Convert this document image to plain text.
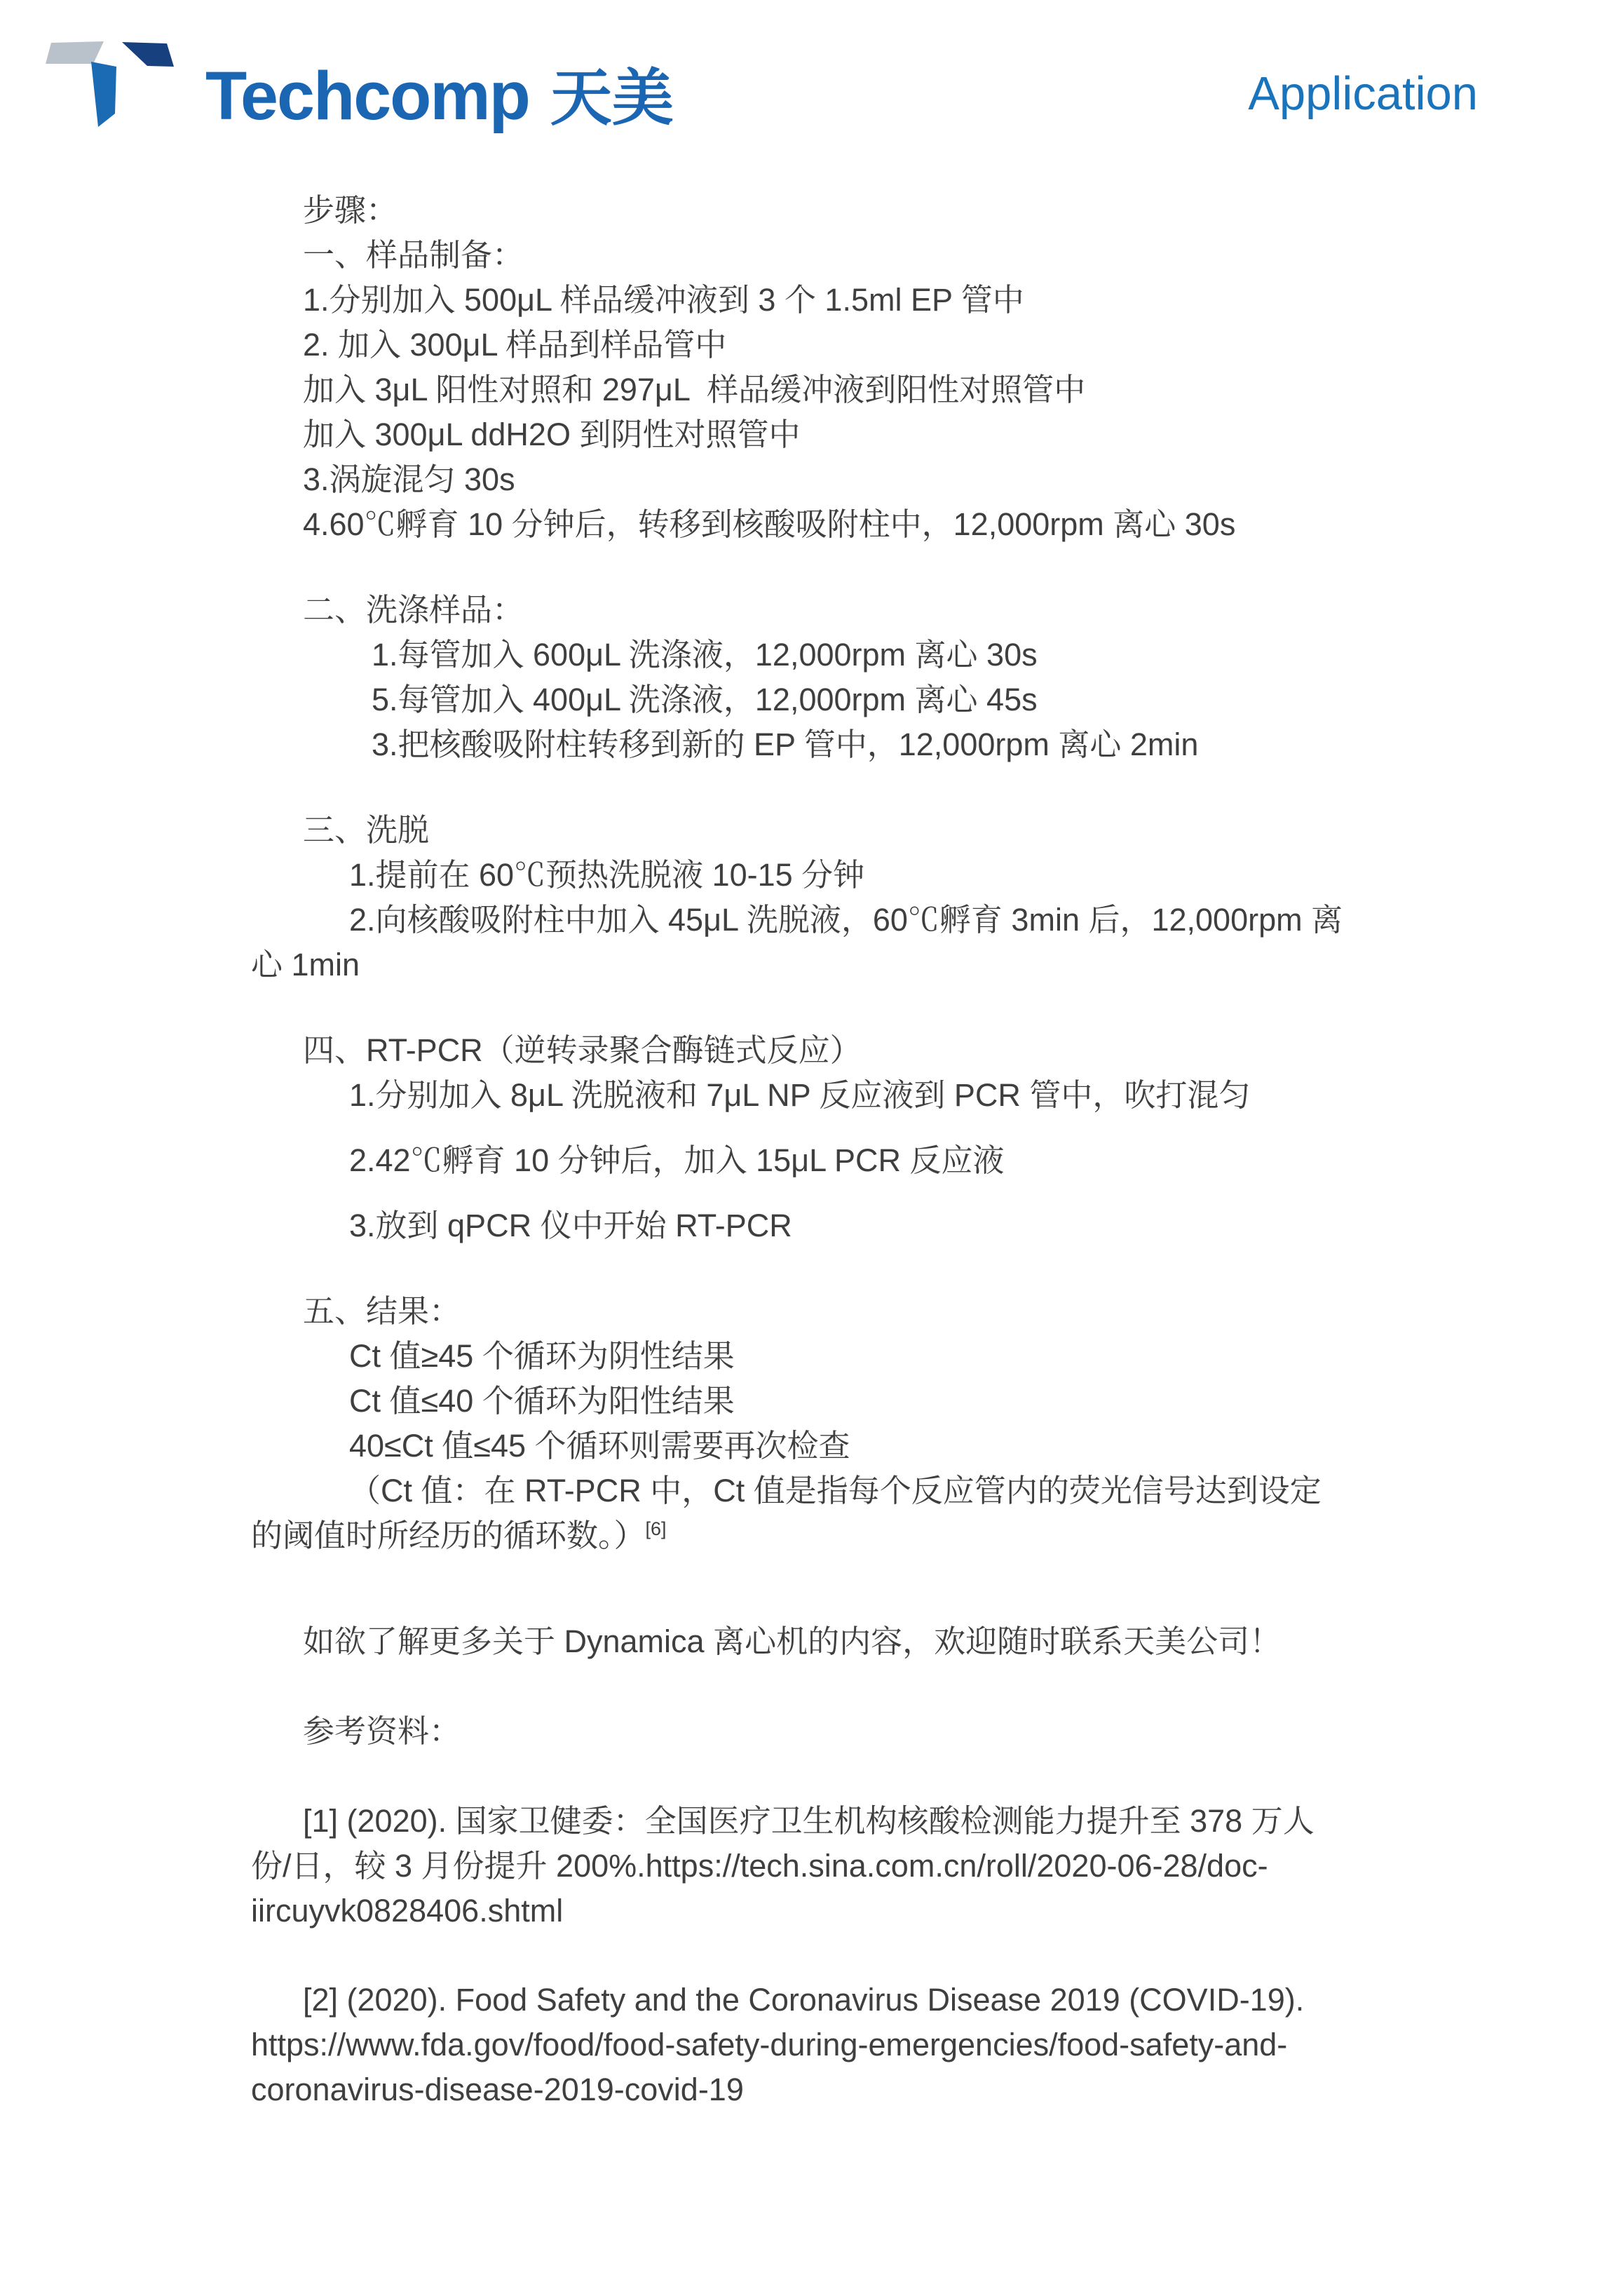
Techcomp 天美	Application

步骤：

一、样品制备：

1.分别加入 500μL 样品缓冲液到 3 个 1.5ml EP 管中

2. 加入 300μL 样品到样品管中

加入 3μL 阳性对照和 297μL  样品缓冲液到阳性对照管中

加入 300μL ddH2O 到阴性对照管中

3.涡旋混匀 30s

4.60℃孵育 10 分钟后，转移到核酸吸附柱中，12,000rpm 离心 30s

二、洗涤样品：

1.每管加入 600μL 洗涤液，12,000rpm 离心 30s

5.每管加入 400μL 洗涤液，12,000rpm 离心 45s

3.把核酸吸附柱转移到新的 EP 管中，12,000rpm 离心 2min

三、洗脱

1.提前在 60℃预热洗脱液 10-15 分钟

2.向核酸吸附柱中加入 45μL 洗脱液，60℃孵育 3min 后，12,000rpm 离

心 1min

四、RT-PCR（逆转录聚合酶链式反应）

1.分别加入 8μL 洗脱液和 7μL NP 反应液到 PCR 管中，吹打混匀

2.42℃孵育 10 分钟后，加入 15μL PCR 反应液

3.放到 qPCR 仪中开始 RT-PCR

五、结果：

Ct 值≥45 个循环为阴性结果

Ct 值≤40 个循环为阳性结果

40≤Ct 值≤45 个循环则需要再次检查

（Ct 值：在 RT-PCR 中，Ct 值是指每个反应管内的荧光信号达到设定

的阈值时所经历的循环数。）[6]

如欲了解更多关于 Dynamica 离心机的内容，欢迎随时联系天美公司！

参考资料：

[1] (2020). 国家卫健委：全国医疗卫生机构核酸检测能力提升至 378 万人

份/日，较 3 月份提升 200%.https://tech.sina.com.cn/roll/2020-06-28/doc-

iircuyvk0828406.shtml

[2] (2020). Food Safety and the Coronavirus Disease 2019 (COVID-19).

https://www.fda.gov/food/food-safety-during-emergencies/food-safety-and-

coronavirus-disease-2019-covid-19
